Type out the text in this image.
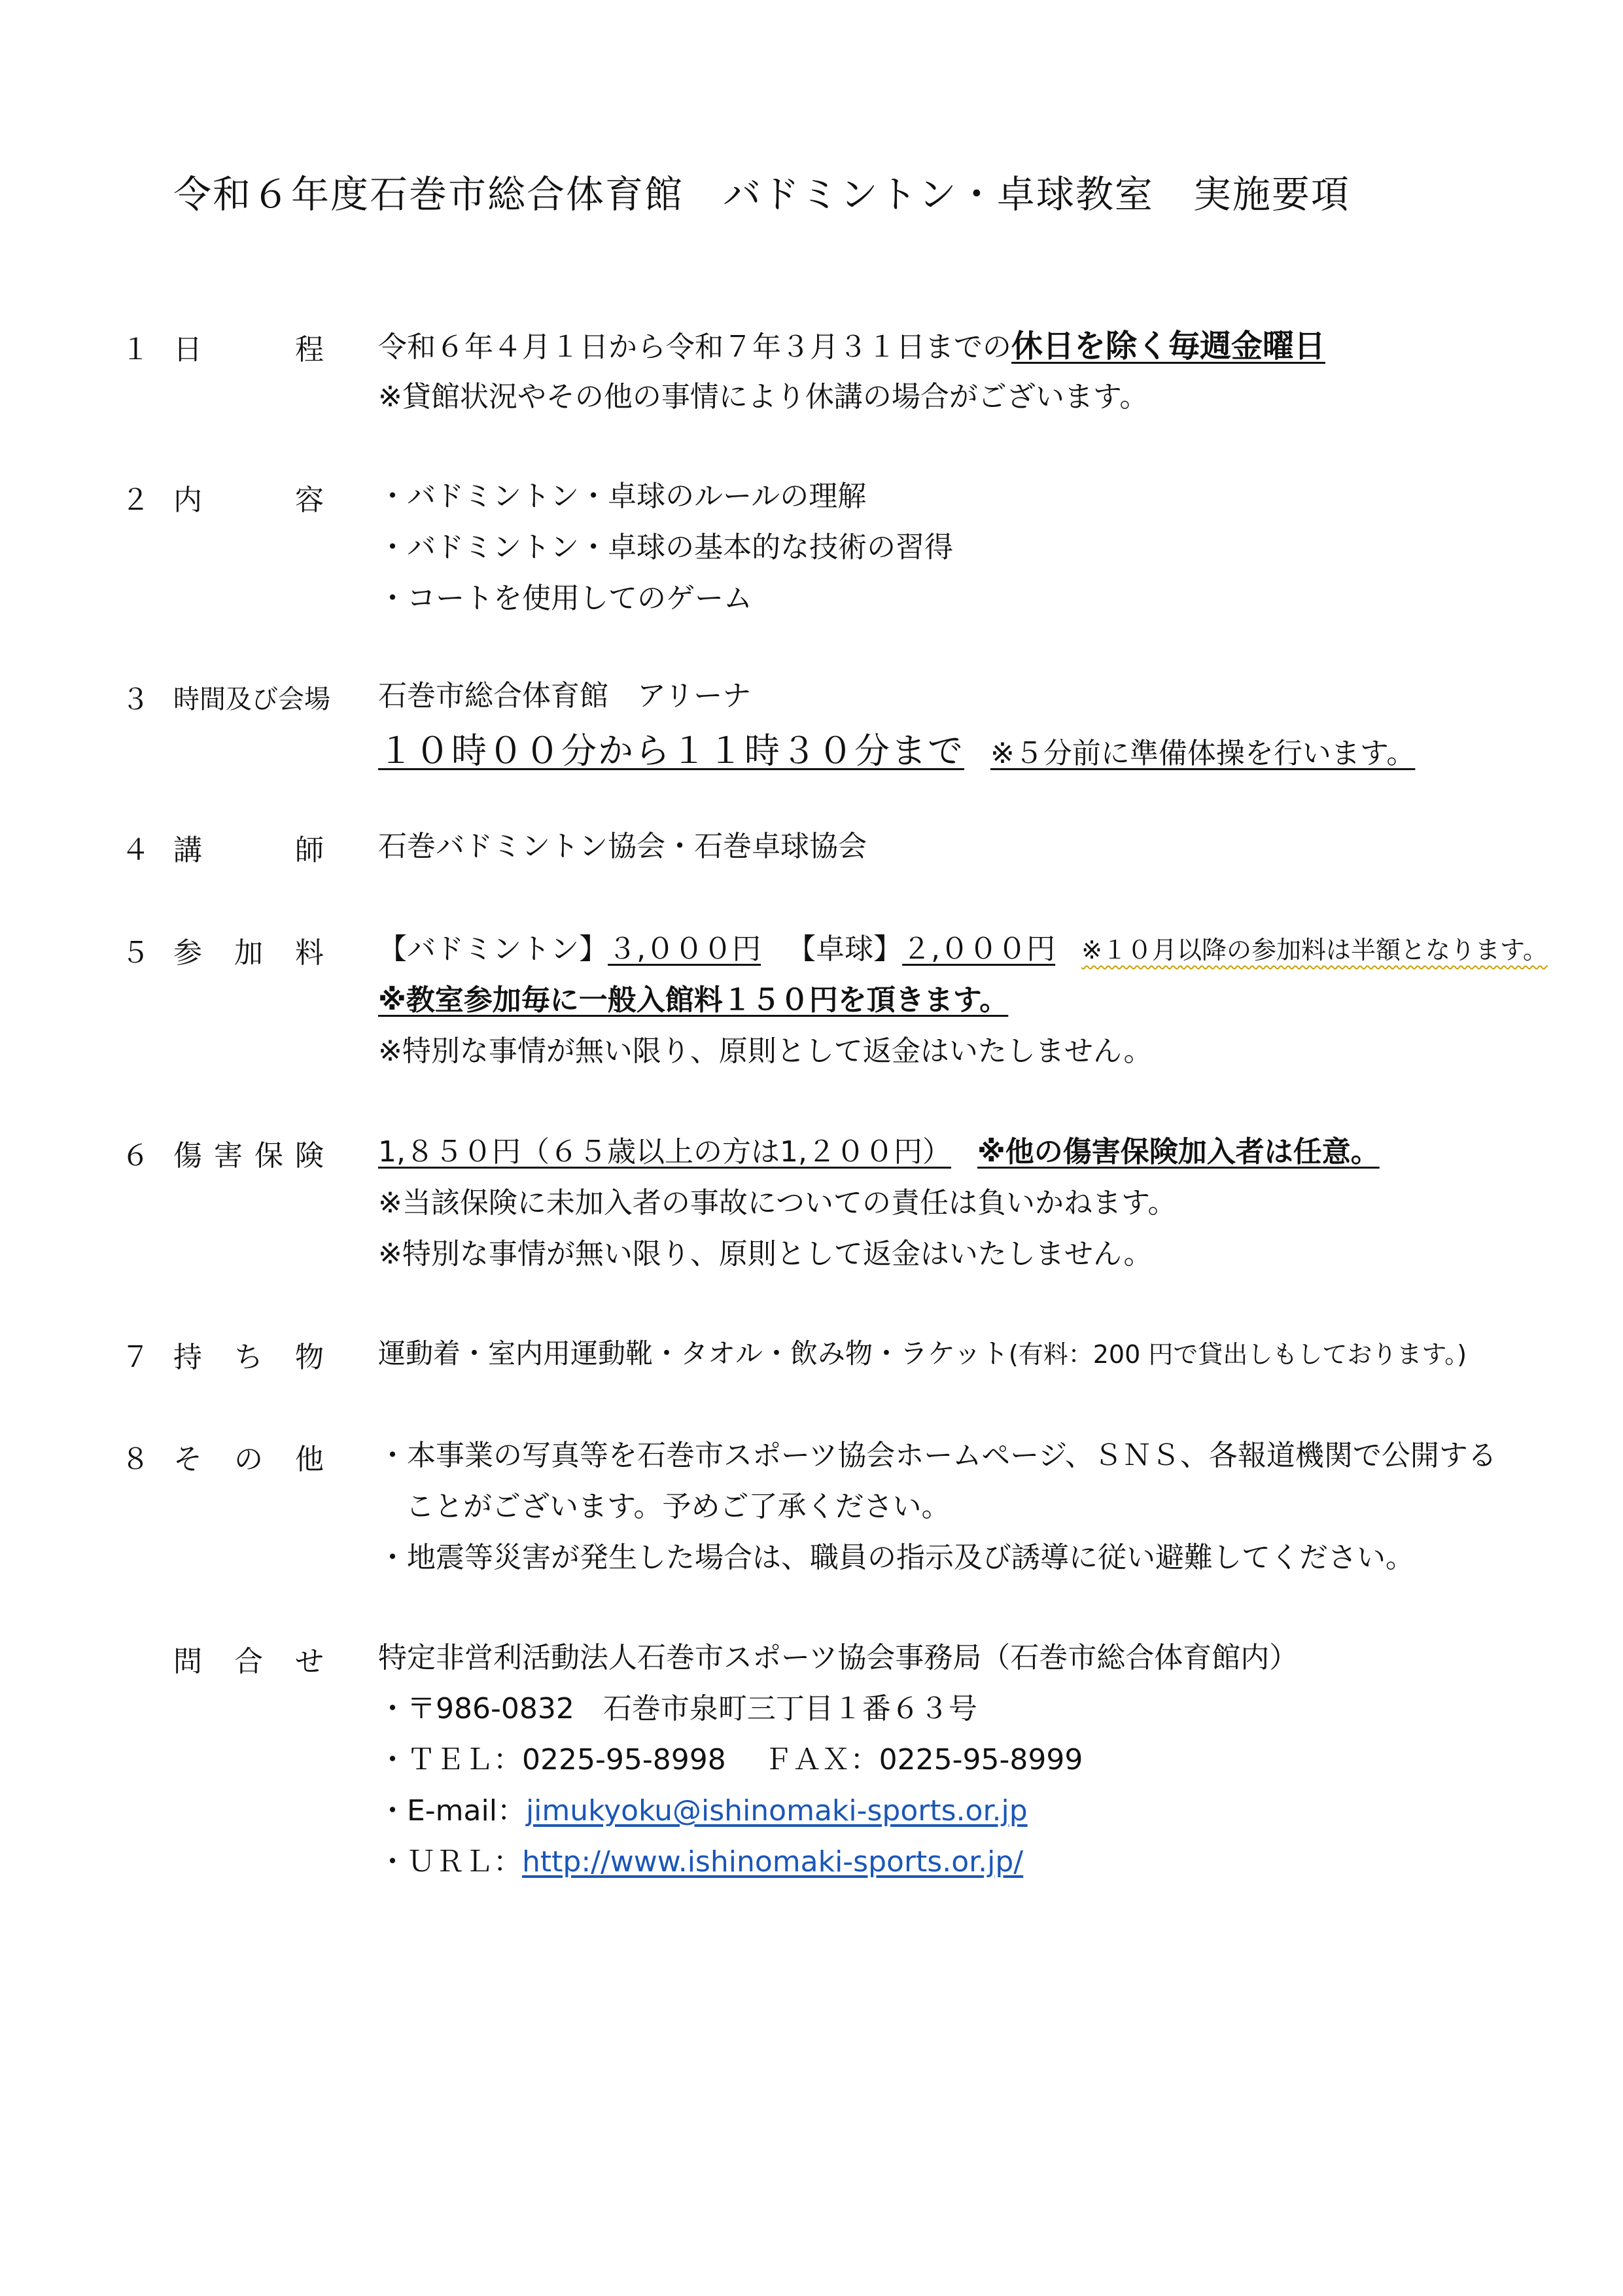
令和６年度石巻市総合体育館　バドミントン・卓球教室　実施要項
１ 日	程 令和６年４月１日から令和７年３月３１日までの休日を除く毎週金曜日
※貸館状況やその他の事情により休講の場合がございます。
２ 内	容 ・バドミントン・卓球のルールの理解
・バドミントン・卓球の基本的な技術の習得
・コートを使用してのゲーム
３ 時間及び会場 石巻市総合体育館　アリーナ
１０時００分から１１時３０分まで ※５分前に準備体操を行います。
４ 講	師 石巻バドミントン協会・石巻卓球協会
５ 参 加 料 【バドミントン】３,０００円 【卓球】２,０００円 ※１０月以降の参加料は半額となります。
※教室参加毎に一般入館料１５０円を頂きます。
※特別な事情が無い限り、原則として返金はいたしません。
６ 傷 害 保 険 1,８５０円（６５歳以上の方は1,２００円） ※他の傷害保険加入者は任意。
※当該保険に未加入者の事故についての責任は負いかねます。
※特別な事情が無い限り、原則として返金はいたしません。
７ 持 ち 物 運動着・室内用運動靴・タオル・飲み物・ラケット(有料：200 円で貸出しもしております。)
８ そ の 他 ・本事業の写真等を石巻市スポーツ協会ホームページ、ＳＮＳ、各報道機関で公開する
ことがございます。予めご了承ください。
・地震等災害が発生した場合は、職員の指示及び誘導に従い避難してください。
問 合 せ 特定非営利活動法人石巻市スポーツ協会事務局（石巻市総合体育館内）
・〒986-0832　石巻市泉町三丁目１番６３号
・ＴＥＬ：0225-95-8998　 ＦＡＸ：0225-95-8999
・E-mail：jimukyoku@ishinomaki-sports.or.jp
・ＵＲＬ：http://www.ishinomaki-sports.or.jp/
